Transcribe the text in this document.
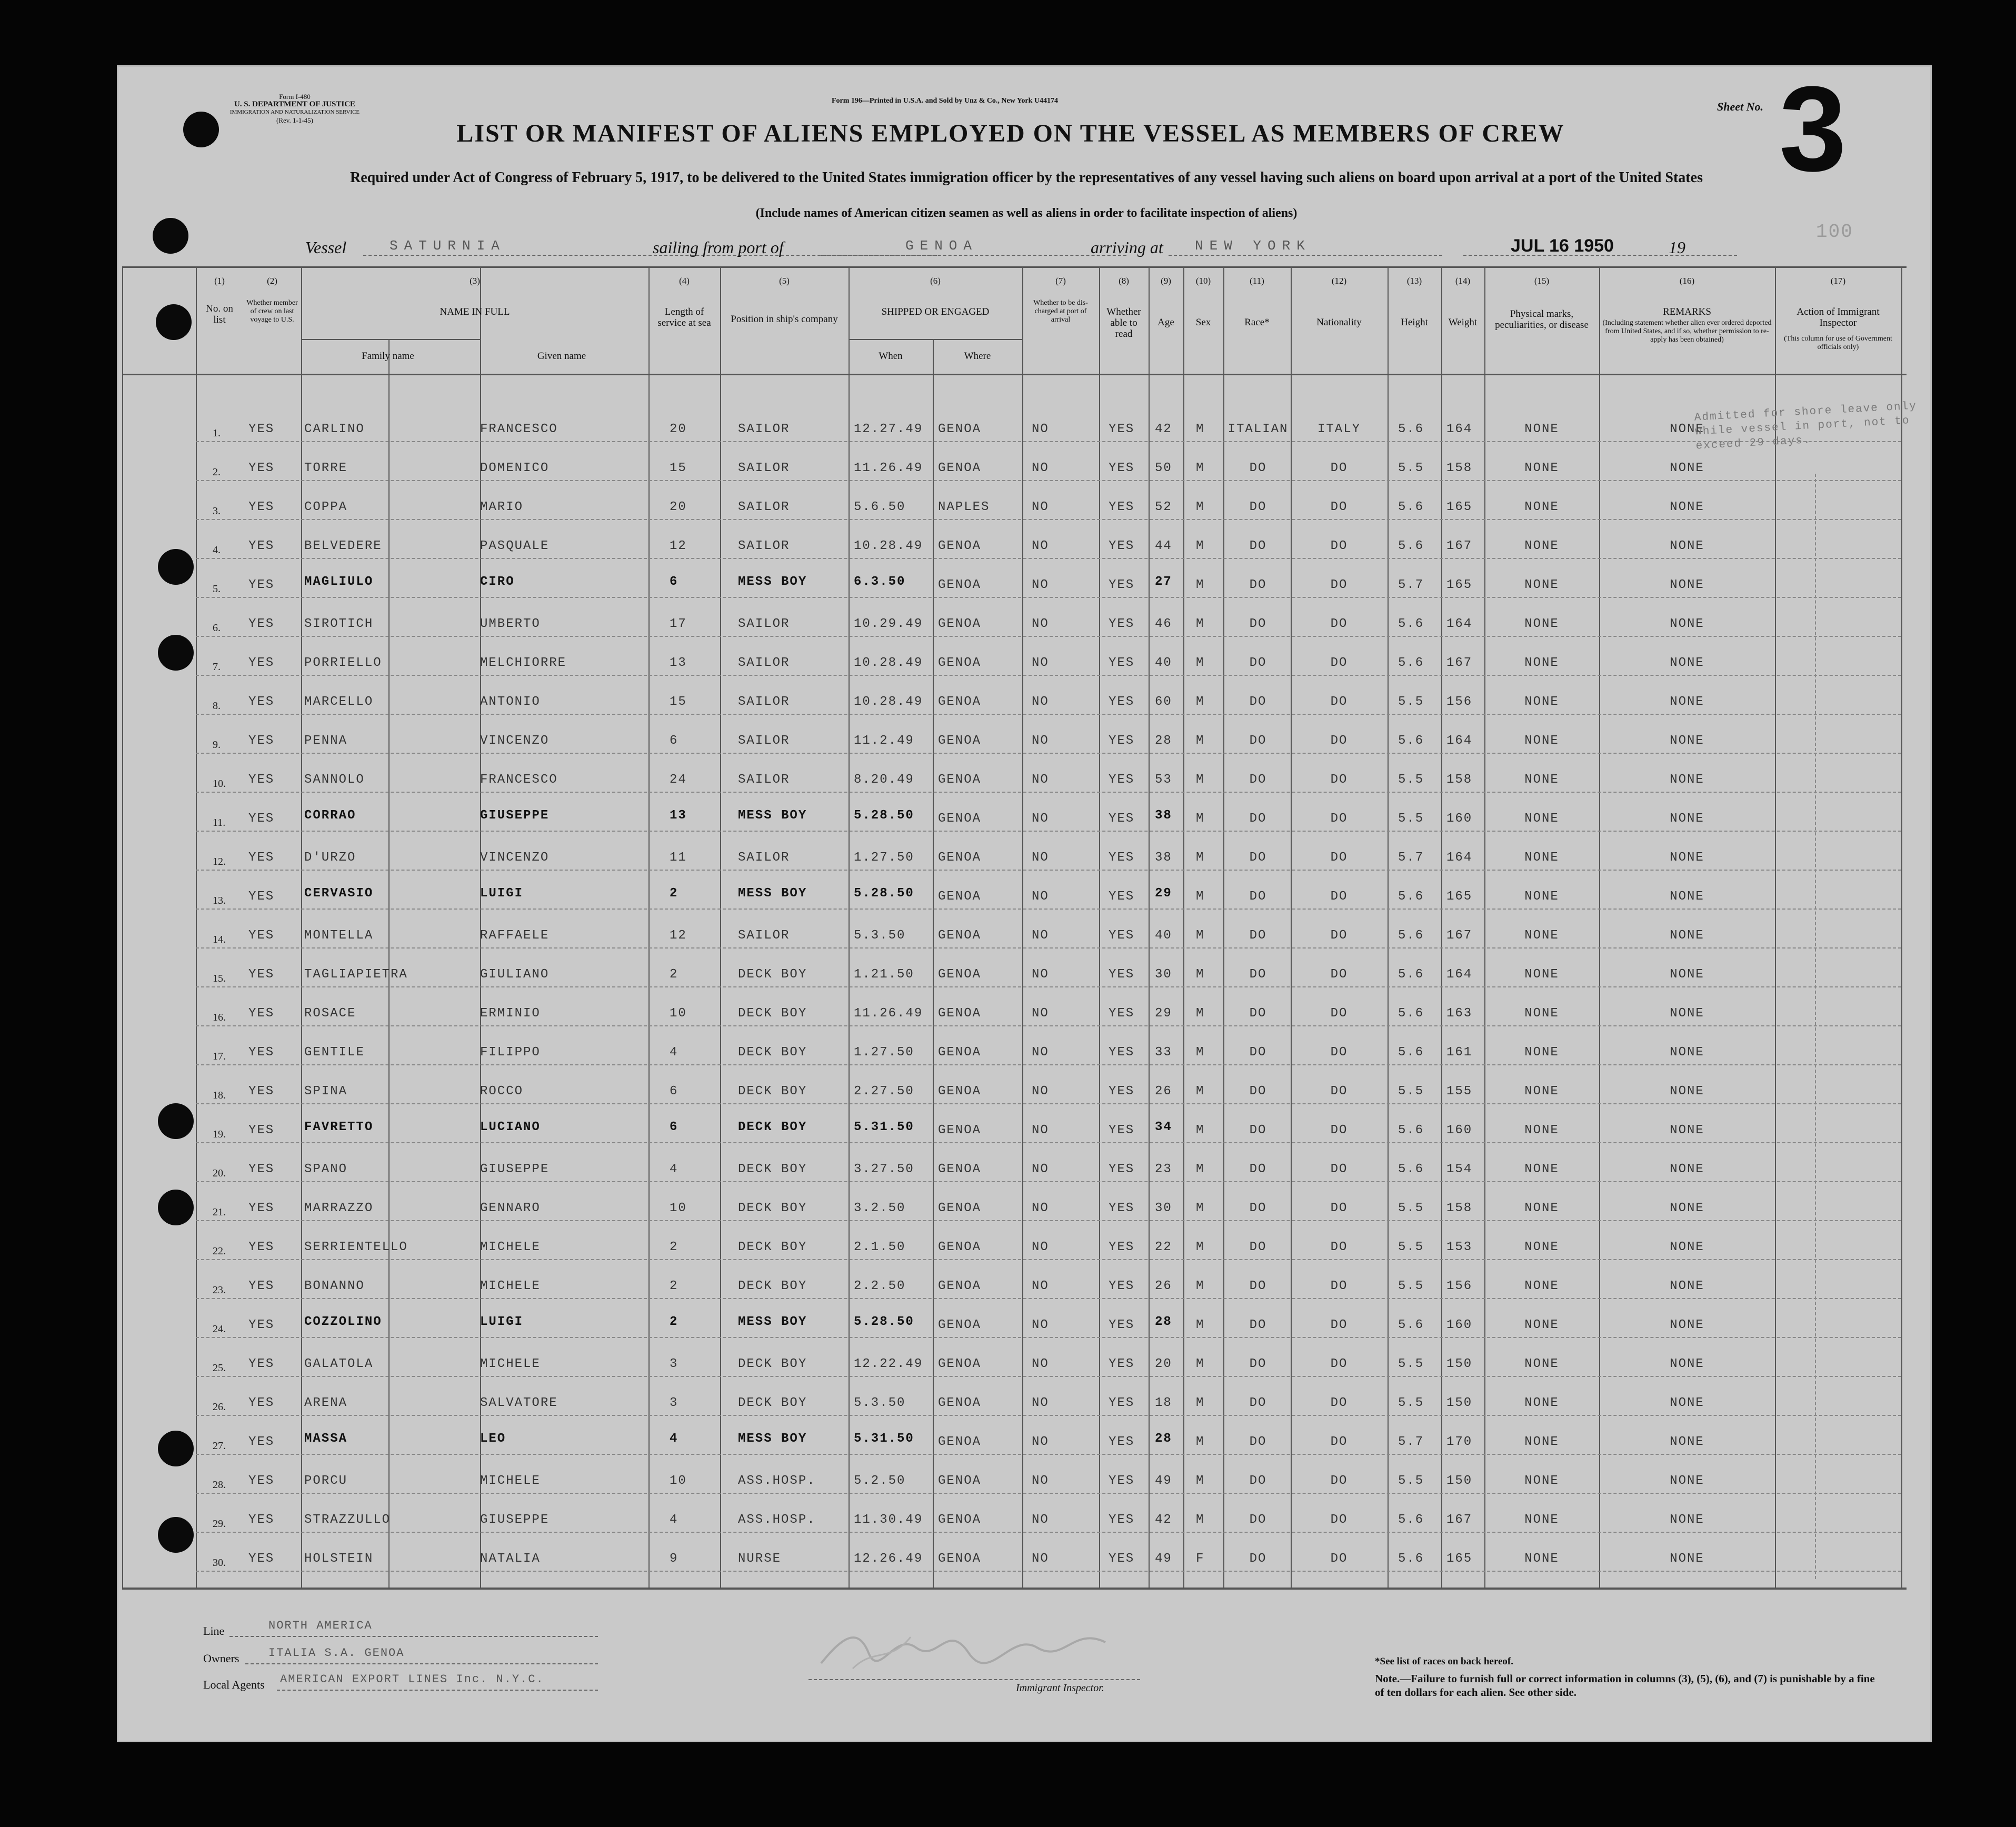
Form I-480
U. S. DEPARTMENT OF JUSTICE
IMMIGRATION AND NATURALIZATION SERVICE
(Rev. 1-1-45)
Form 196—Printed in U.S.A. and Sold by Unz & Co., New York U44174	Sheet No. 3
LIST OR MANIFEST OF ALIENS EMPLOYED ON THE VESSEL AS MEMBERS OF CREW
Required under Act of Congress of February 5, 1917, to be delivered to the United States immigration officer by the representatives of any vessel having such aliens on board upon arrival at a port of the United States
(Include names of American citizen seamen as well as aliens in order to facilitate inspection of aliens)
100
Vessel	SATURNIA	sailing from port of	GENOA	arriving at NEW YORK	JUL 16 1950	19
(1)	(2)	(3)	(4)	(5)	(6)	(7)	(8)	(9)	(10)	(11)	(12)	(13)	(14)	(15)	(16)	(17)
No. on list
Whether member of crew on last voyage to U.S.
NAME IN FULL	Length of service at sea	Position in ship's company
SHIPPED OR ENGAGED
Whether to be dis-charged at port of arrival
Whether able to read
Age	Sex	Race*	Nationality	Height	Weight
Physical marks, peculiarities, or disease
REMARKS	Action of Immigrant Inspector
Family name	Given name	When	Where
(Including statement whether alien ever ordered deported from United States, and if so, whether permission to re-apply has been obtained)	(This column for use of Government officials only)
1. YES CARLINO	FRANCESCO	20	SAILOR	12.27.49 GENOA	NO	YES 42 M ITALIAN	ITALY	5.6 164	NONE	NONE
2. YES TORRE	DOMENICO	15	SAILOR	11.26.49 GENOA	NO	YES 50 M	DO	DO	5.5 158	NONE	NONE
3. YES COPPA	MARIO	20	SAILOR	5.6.50	NAPLES	NO	YES 52 M	DO	DO	5.6 165	NONE	NONE
4. YES BELVEDERE	PASQUALE	12	SAILOR	10.28.49 GENOA	NO	YES 44 M	DO	DO	5.6 167	NONE	NONE
5. YES MAGLIULO	CIRO	6	MESS BOY	6.3.50	GENOA	NO	YES 27 M	DO	DO	5.7 165	NONE	NONE
6. YES SIROTICH	UMBERTO	17	SAILOR	10.29.49 GENOA	NO	YES 46 M	DO	DO	5.6 164	NONE	NONE
7. YES PORRIELLO	MELCHIORRE	13	SAILOR	10.28.49 GENOA	NO	YES 40 M	DO	DO	5.6 167	NONE	NONE
8. YES MARCELLO	ANTONIO	15	SAILOR	10.28.49 GENOA	NO	YES 60 M	DO	DO	5.5 156	NONE	NONE
9. YES PENNA	VINCENZO	6	SAILOR	11.2.49 GENOA	NO	YES 28 M	DO	DO	5.6 164	NONE	NONE
10. YES SANNOLO	FRANCESCO	24	SAILOR	8.20.49 GENOA	NO	YES 53 M	DO	DO	5.5 158	NONE	NONE
11. YES CORRAO	GIUSEPPE	13	MESS BOY	5.28.50 GENOA	NO	YES 38 M	DO	DO	5.5 160	NONE	NONE
12. YES D'URZO	VINCENZO	11	SAILOR	1.27.50 GENOA	NO	YES 38 M	DO	DO	5.7 164	NONE	NONE
13. YES CERVASIO	LUIGI	2	MESS BOY	5.28.50 GENOA	NO	YES 29 M	DO	DO	5.6 165	NONE	NONE
14. YES MONTELLA	RAFFAELE	12	SAILOR	5.3.50	GENOA	NO	YES 40 M	DO	DO	5.6 167	NONE	NONE
15. YES TAGLIAPIETRA	GIULIANO	2	DECK BOY	1.21.50 GENOA	NO	YES 30 M	DO	DO	5.6 164	NONE	NONE
16. YES ROSACE	ERMINIO	10	DECK BOY	11.26.49 GENOA	NO	YES 29 M	DO	DO	5.6 163	NONE	NONE
17. YES GENTILE	FILIPPO	4	DECK BOY	1.27.50 GENOA	NO	YES 33 M	DO	DO	5.6 161	NONE	NONE
18. YES SPINA	ROCCO	6	DECK BOY	2.27.50 GENOA	NO	YES 26 M	DO	DO	5.5 155	NONE	NONE
19. YES FAVRETTO	LUCIANO	6	DECK BOY	5.31.50 GENOA	NO	YES 34 M	DO	DO	5.6 160	NONE	NONE
20. YES SPANO	GIUSEPPE	4	DECK BOY	3.27.50 GENOA	NO	YES 23 M	DO	DO	5.6 154	NONE	NONE
21. YES MARRAZZO	GENNARO	10	DECK BOY	3.2.50	GENOA	NO	YES 30 M	DO	DO	5.5 158	NONE	NONE
22. YES SERRIENTELLO	MICHELE	2	DECK BOY	2.1.50	GENOA	NO	YES 22 M	DO	DO	5.5 153	NONE	NONE
23. YES BONANNO	MICHELE	2	DECK BOY	2.2.50	GENOA	NO	YES 26 M	DO	DO	5.5 156	NONE	NONE
24. YES COZZOLINO	LUIGI	2	MESS BOY	5.28.50 GENOA	NO	YES 28 M	DO	DO	5.6 160	NONE	NONE
25. YES GALATOLA	MICHELE	3	DECK BOY	12.22.49 GENOA	NO	YES 20 M	DO	DO	5.5 150	NONE	NONE
26. YES ARENA	SALVATORE	3	DECK BOY	5.3.50	GENOA	NO	YES 18 M	DO	DO	5.5 150	NONE	NONE
27. YES MASSA	LEO	4	MESS BOY	5.31.50 GENOA	NO	YES 28 M	DO	DO	5.7 170	NONE	NONE
28. YES PORCU	MICHELE	10	ASS.HOSP.	5.2.50	GENOA	NO	YES 49 M	DO	DO	5.5 150	NONE	NONE
29. YES STRAZZULLO	GIUSEPPE	4	ASS.HOSP.	11.30.49 GENOA	NO	YES 42 M	DO	DO	5.6 167	NONE	NONE
30. YES HOLSTEIN	NATALIA	9	NURSE	12.26.49 GENOA	NO	YES 49 F	DO	DO	5.6 165	NONE	NONE
Admitted for shore leave only while vessel in port, not to exceed 29 days.
Line	NORTH AMERICA
Owners	ITALIA S.A. GENOA
Local Agents AMERICAN EXPORT LINES Inc. N.Y.C.
Immigrant Inspector.
*See list of races on back hereof.
Note.—Failure to furnish full or correct information in columns (3), (5), (6), and (7) is punishable by a fine of ten dollars for each alien. See other side.
